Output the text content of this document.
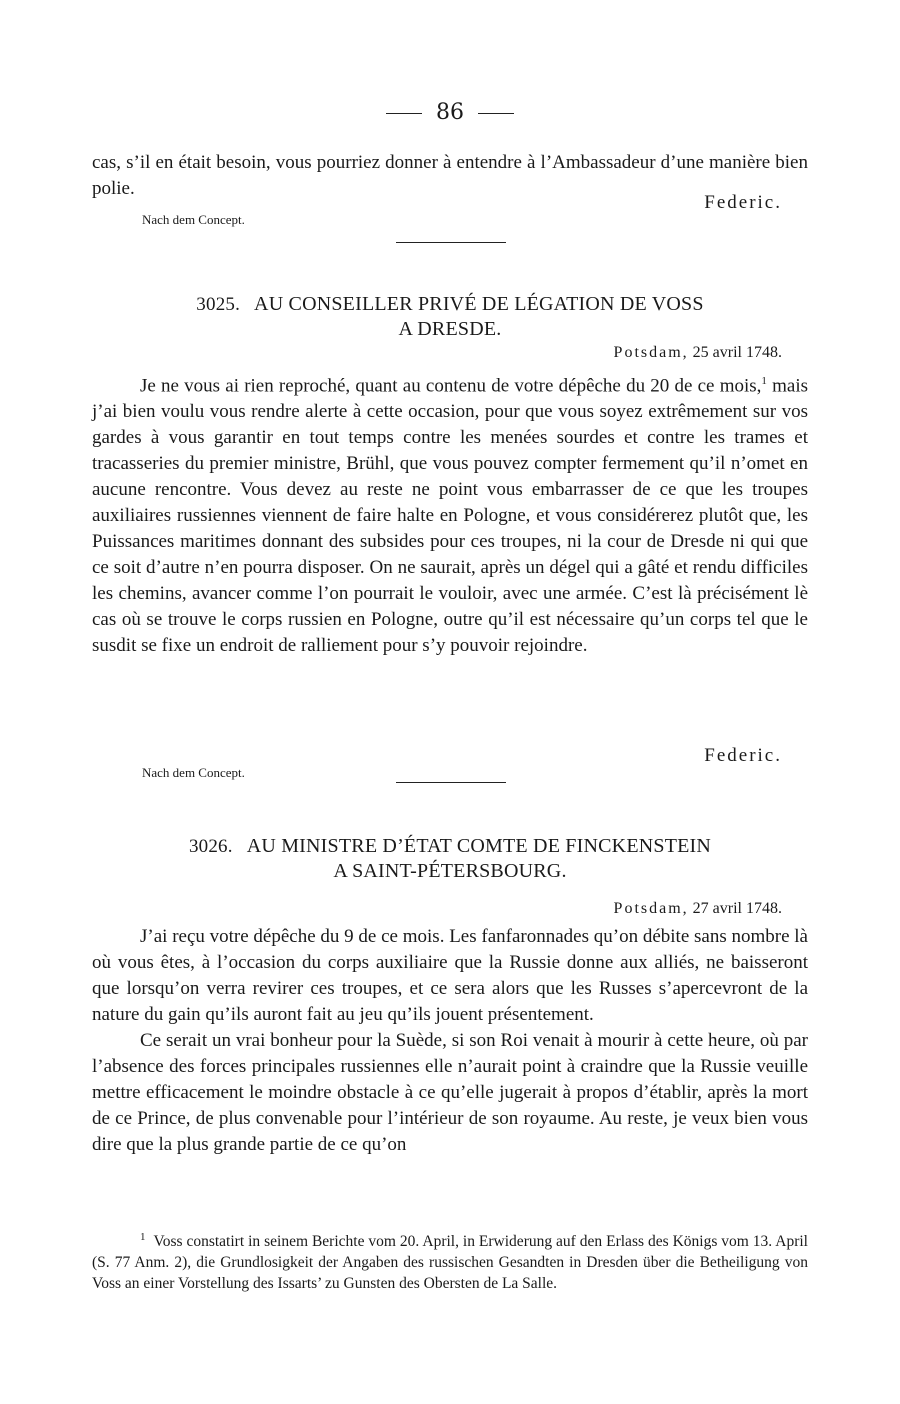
86

cas, s’il en était besoin, vous pourriez donner à entendre à l’Ambassadeur d’une manière bien polie.

Nach dem Concept.
Federic.
3025. AU CONSEILLER PRIVÉ DE LÉGATION DE VOSS
A DRESDE.
Potsdam, 25 avril 1748.

Je ne vous ai rien reproché, quant au contenu de votre dépêche du 20 de ce mois,$^1$ mais j’ai bien voulu vous rendre alerte à cette occasion, pour que vous soyez extrêmement sur vos gardes à vous garantir en tout temps contre les menées sourdes et contre les trames et tracasseries du premier ministre, Brühl, que vous pouvez compter fermement qu’il n’omet en aucune rencontre. Vous devez au reste ne point vous embarrasser de ce que les troupes auxiliaires russiennes viennent de faire halte en Pologne, et vous considérerez plutôt que, les Puissances maritimes donnant des subsides pour ces troupes, ni la cour de Dresde ni qui que ce soit d’autre n’en pourra disposer. On ne saurait, après un dégel qui a gâté et rendu difficiles les chemins, avancer comme l’on pourrait le vouloir, avec une armée. C’est là précisément lè cas où se trouve le corps russien en Pologne, outre qu’il est nécessaire qu’un corps tel que le susdit se fixe un endroit de ralliement pour s’y pouvoir rejoindre.

Nach dem Concept.
Federic.
3026. AU MINISTRE D’ÉTAT COMTE DE FINCKENSTEIN
A SAINT-PÉTERSBOURG.
Potsdam, 27 avril 1748.

J’ai reçu votre dépêche du 9 de ce mois. Les fanfaronnades qu’on débite sans nombre là où vous êtes, à l’occasion du corps auxiliaire que la Russie donne aux alliés, ne baisseront que lorsqu’on verra revirer ces troupes, et ce sera alors que les Russes s’apercevront de la nature du gain qu’ils auront fait au jeu qu’ils jouent présentement.

Ce serait un vrai bonheur pour la Suède, si son Roi venait à mourir à cette heure, où par l’absence des forces principales russiennes elle n’aurait point à craindre que la Russie veuille mettre efficacement le moindre obstacle à ce qu’elle jugerait à propos d’établir, après la mort de ce Prince, de plus convenable pour l’intérieur de son royaume. Au reste, je veux bien vous dire que la plus grande partie de ce qu’on

$^1$ Voss constatirt in seinem Berichte vom 20. April, in Erwiderung auf den Erlass des Königs vom 13. April (S. 77 Anm. 2), die Grundlosigkeit der Angaben des russischen Gesandten in Dresden über die Betheiligung von Voss an einer Vorstellung des Issarts’ zu Gunsten des Obersten de La Salle.
